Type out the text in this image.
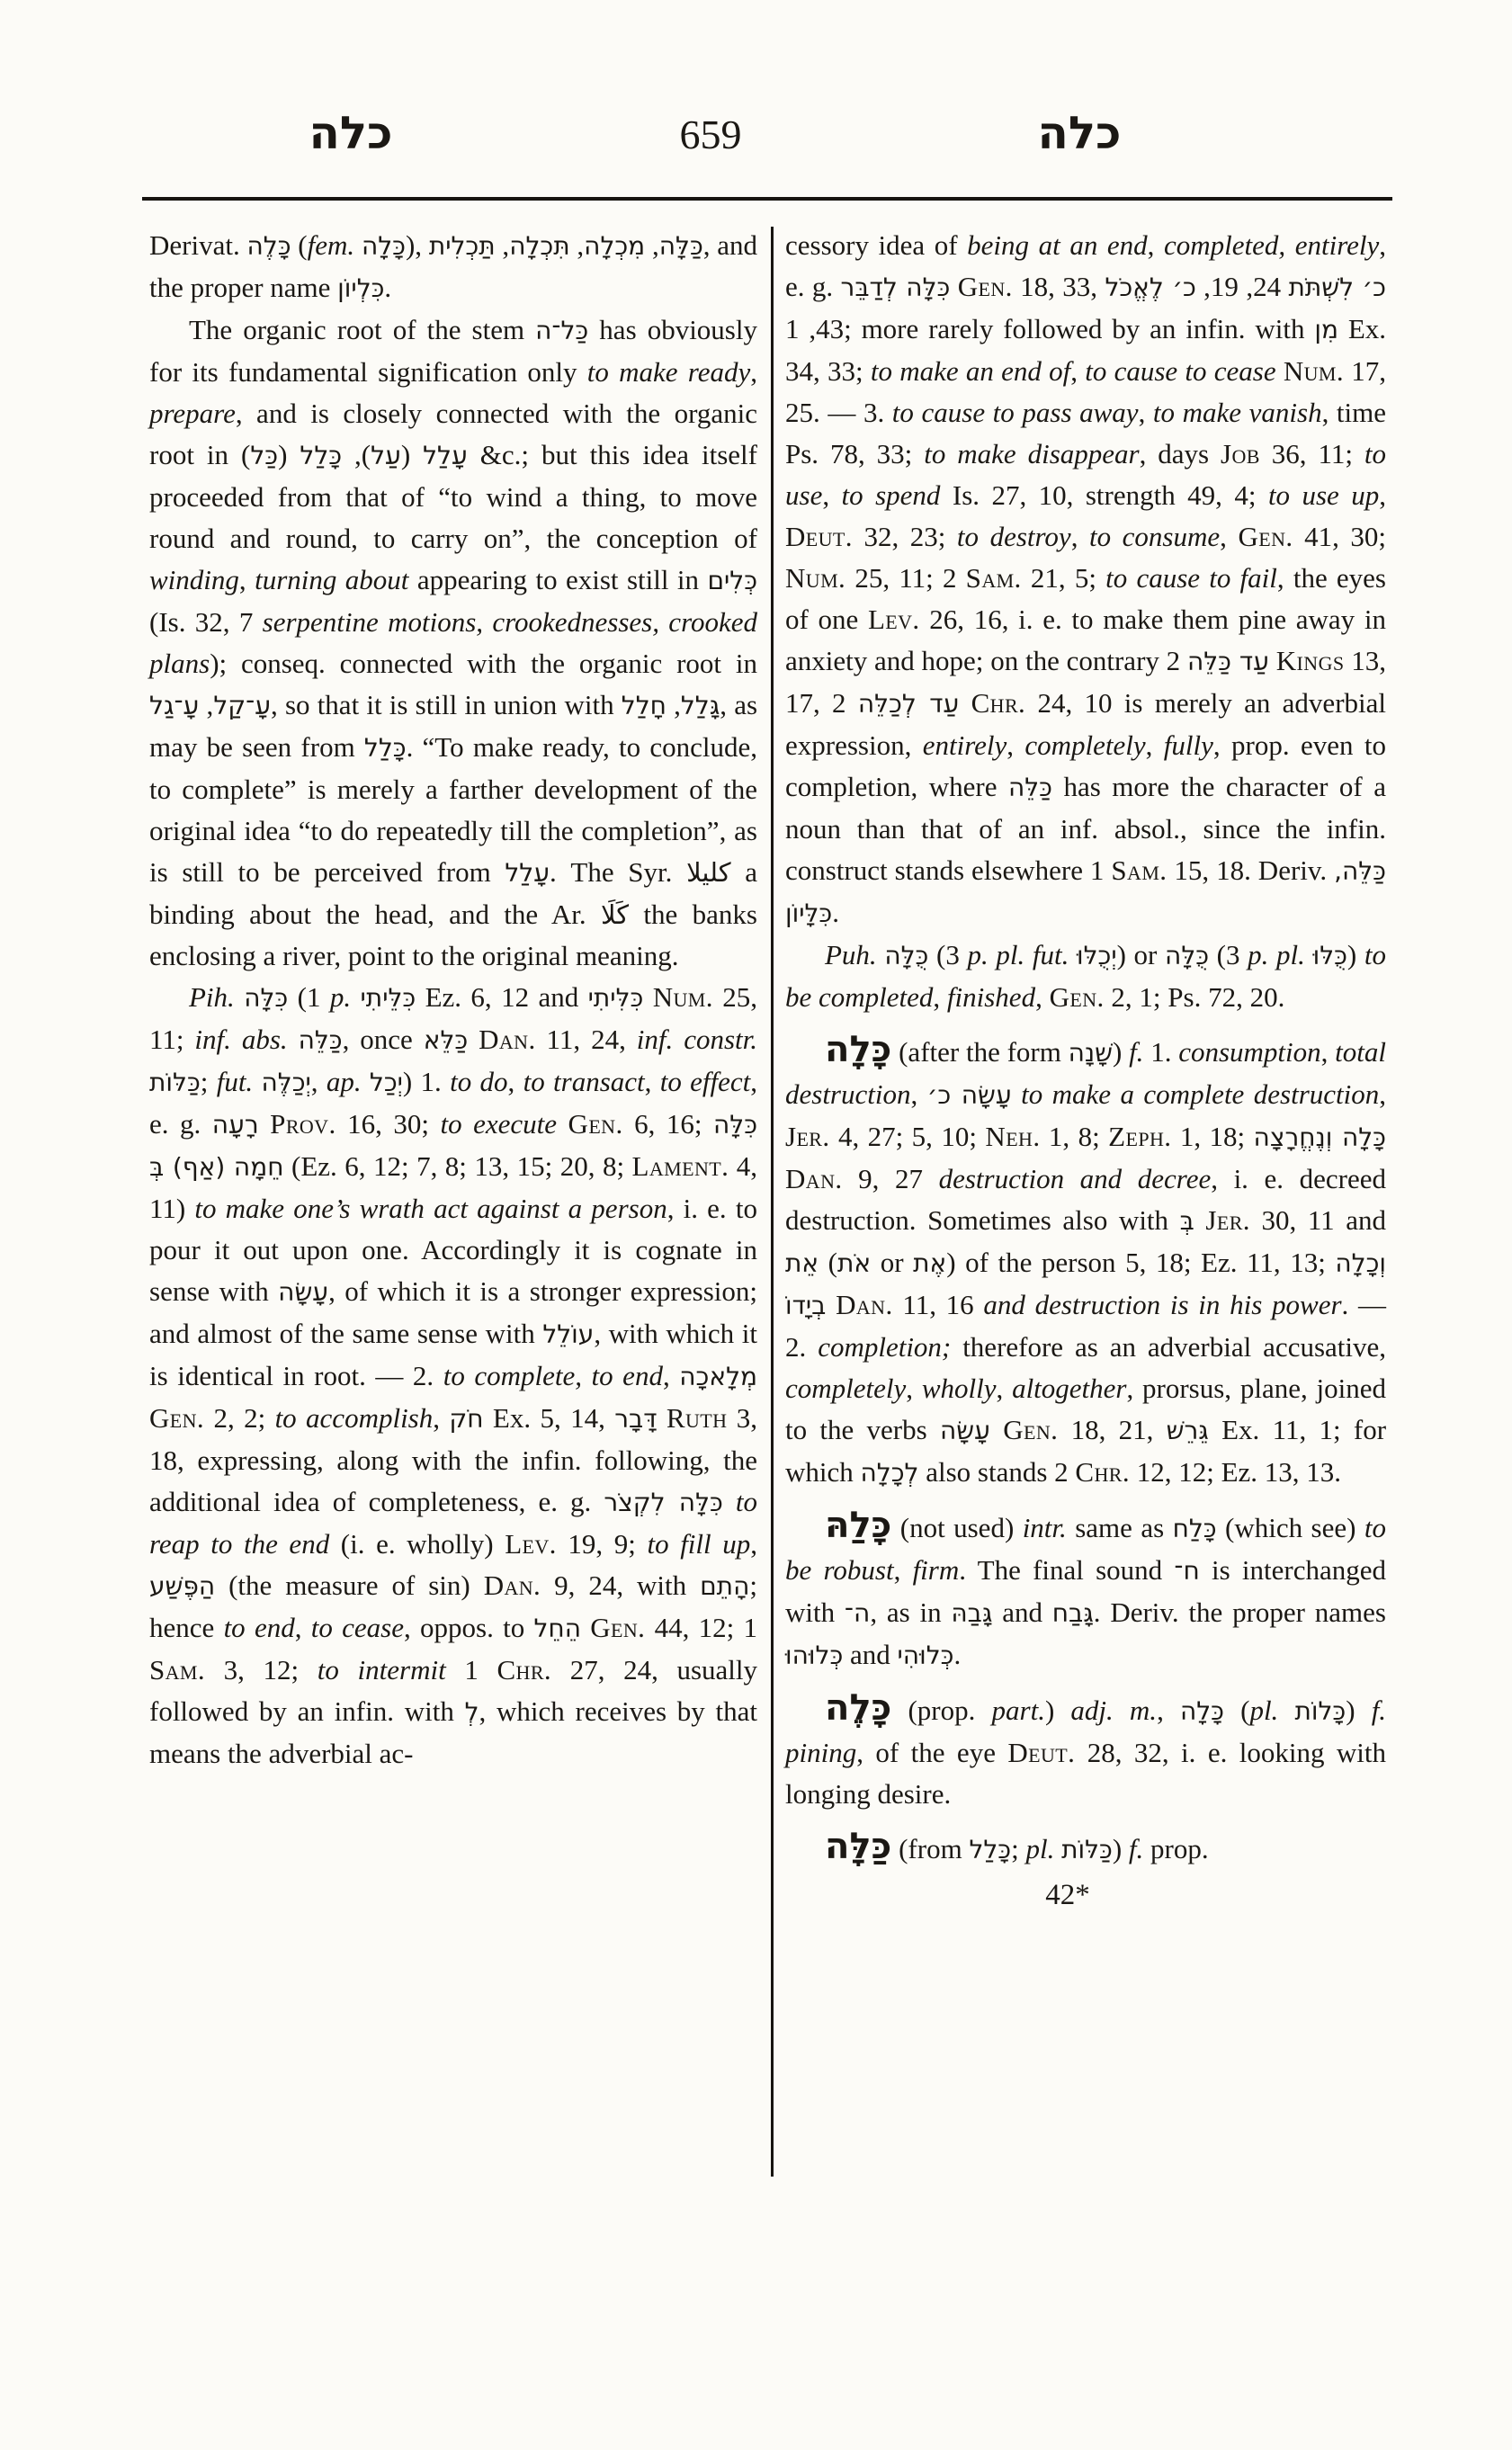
כלה	659	כלה
Derivat. כָּלֶה (fem. כָּלָה),	כַּלָּה, מִכְלָה, תִּכְלָה, תַּכְלִית	, and the proper name כִּלְיוֹן.
The organic root of the stem כַּל־ה has obviously for its fundamental signification only to make ready, prepare, and is closely connected with the organic root in	עָלַל (עַל), כָּלַל (כַּל) &c.; but this idea itself proceeded from that of “to wind a thing, to move round and round, to carry on”, the conception of winding, turning about appearing to exist still in כְּלִים (Is. 32, 7 serpentine motions, crookednesses, crooked plans); conseq. connected with the organic root in עָ־קַל, עָ־גַל	, so that it is still in union with גָּלַל, חָלַל , as may be seen from כָּלַל. “To make ready, to conclude, to complete” is merely a farther development of the original idea “to do repeatedly till the completion”, as is still to be perceived from עָלַל. The Syr. كليلا a binding about the head, and the Ar. كَلَا the banks enclosing a river, point to the original meaning.
Pih. כִּלָּה (1 p. כִּלֵּיתִי Ez. 6, 12 and כִּלִּיתִי Num. 25, 11; inf. abs. כַּלֵּה, once כַּלֵּא Dan. 11, 24, inf. constr. כַּלּוֹת; fut. יְכַלֶּה, ap. יְכַל) 1. to do, to transact, to effect, e. g. רָעָה Prov. 16, 30; to execute Gen. 6, 16; כִּלָּה חֵמָה (אַף) בְּ (Ez. 6, 12; 7, 8; 13, 15; 20, 8; Lament. 4, 11) to make one’s wrath act against a person, i. e. to pour it out upon one. Accordingly it is cognate in sense with עָשָׂה, of which it is a stronger expression; and almost of the same sense with עוֹלֵל, with which it is identical in root. — 2. to complete, to end, מְלָאכָה Gen. 2, 2; to accomplish, חֹק Ex. 5, 14, דָּבָר Ruth 3, 18, expressing, along with the infin. following, the additional idea of completeness, e. g. כִּלָּה לִקְצֹר to reap to the end (i. e. wholly) Lev. 19, 9; to fill up, הַפֶּשַׁע (the measure of sin) Dan. 9, 24, with הָתֵם; hence to end, to cease, oppos. to הֵחֵל Gen. 44, 12; 1 Sam. 3, 12; to intermit 1 Chr. 27, 24, usually followed by an infin. with לְ, which receives by that means the adverbial ac-
cessory idea of being at an end, completed, entirely, e. g. כִּלָּה לְדַבֵּר Gen. 18, 33,	כ׳ לִשְׁתֹּת 24, 19, כ׳ לֶאֱכֹל 43, 1; more rarely followed by an infin. with מִן Ex. 34, 33; to make an end of, to cause to cease Num. 17, 25. — 3. to cause to pass away, to make vanish, time Ps. 78, 33; to make disappear, days Job 36, 11; to use, to spend Is. 27, 10, strength 49, 4; to use up, Deut. 32, 23; to destroy, to consume, Gen. 41, 30; Num. 25, 11; 2 Sam. 21, 5; to cause to fail, the eyes of one Lev. 26, 16, i. e. to make them pine away in anxiety and hope; on the contrary עַד כַּלֵּה 2 Kings 13, 17, עַד לְכַלֵּה 2 Chr. 24, 10 is merely an adverbial expression, entirely, completely, fully, prop. even to completion, where כַּלֵּה has more the character of a noun than that of an inf. absol., since the infin. construct stands elsewhere 1 Sam. 15, 18. Deriv. כַּלֵּה, כִּלָּיוֹן.
Puh. כֻּלָּה (3 p. pl. fut. יְכֻלּוּ) or כֻּלָּה (3 p. pl. כֻּלּוּ) to be completed, finished, Gen. 2, 1; Ps. 72, 20.
כָּלָה (after the form שָׁנָה) f. 1. consumption, total destruction, עָשָׂה כ׳ to make a complete destruction, Jer. 4, 27; 5, 10; Neh. 1, 8; Zeph. 1, 18; כָּלָה וְנֶחֱרָצָה Dan. 9, 27 destruction and decree, i. e. decreed destruction. Sometimes also with בְּ Jer. 30, 11 and אֵת (אֹת or אֶת) of the person 5, 18; Ez. 11, 13; וְכָלָה בְיָדוֹ Dan. 11, 16 and destruction is in his power. — 2. completion; therefore as an adverbial accusative, completely, wholly, altogether, prorsus, plane, joined to the verbs עָשָׂה Gen. 18, 21, גֵּרֵשׁ Ex. 11, 1; for which לְכָלָה also stands 2 Chr. 12, 12; Ez. 13, 13.
כָּלַהּ (not used) intr. same as כָּלַח (which see) to be robust, firm. The final sound ח־ is interchanged with ה־, as in גָּבַהּ and גָּבַח. Deriv. the proper names כְּלוּהוּ and כְּלוּהִי.
כָּלֶה (prop. part.) adj. m., כָּלָה (pl. כָּלוֹת) f. pining, of the eye Deut. 28, 32, i. e. looking with longing desire.
כַּלָּה (from כָּלַל; pl. כַּלּוֹת) f. prop.
42*
